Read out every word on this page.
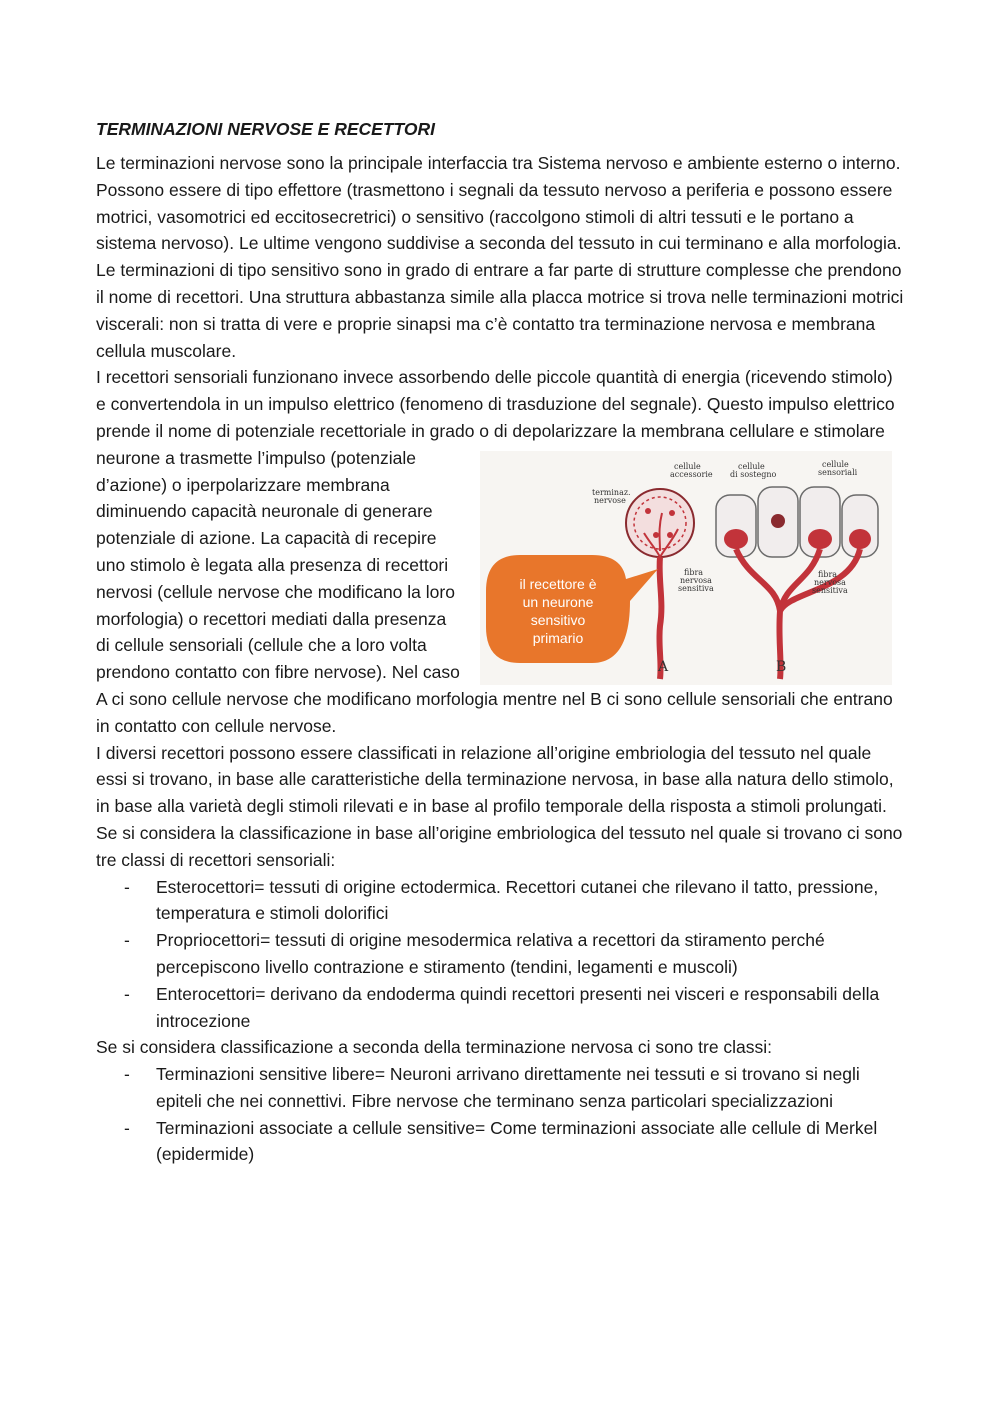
TERMINAZIONI NERVOSE E RECETTORI

Le terminazioni nervose sono la principale interfaccia tra Sistema nervoso e ambiente esterno o interno. Possono essere di tipo effettore (trasmettono i segnali da tessuto nervoso a periferia e possono essere motrici, vasomotrici ed eccitosecretrici) o sensitivo (raccolgono stimoli di altri tessuti e le portano a sistema nervoso). Le ultime vengono suddivise a seconda del tessuto in cui terminano e alla morfologia. Le terminazioni di tipo sensitivo sono in grado di entrare a far parte di strutture complesse che prendono il nome di recettori. Una struttura abbastanza simile alla placca motrice si trova nelle terminazioni motrici viscerali: non si tratta di vere e proprie sinapsi ma c’è contatto tra terminazione nervosa e membrana cellula muscolare.

I recettori sensoriali funzionano invece assorbendo delle piccole quantità di energia (ricevendo stimolo) e convertendola in un impulso elettrico (fenomeno di trasduzione del segnale). Questo impulso elettrico prende il nome di potenziale recettoriale in grado o di depolarizzare la membrana cellulare e stimolare neurone a trasmette l’impulso (potenziale
terminaz.
nervose
cellule
accessorie
cellule
di sostegno
cellule
sensoriali
fibra
nervosa
sensitiva
fibra
nervosa
sensitiva
il recettore è
un neurone
sensitivo
primario
A	B
d’azione) o iperpolarizzare membrana diminuendo capacità neuronale di generare potenziale di azione. La capacità di recepire uno stimolo è legata alla presenza di recettori nervosi (cellule nervose che modificano la loro morfologia) o recettori mediati dalla presenza di cellule sensoriali (cellule che a loro volta prendono contatto con fibre nervose). Nel caso A ci sono cellule nervose che modificano morfologia mentre nel B ci sono cellule sensoriali che entrano in contatto con cellule nervose.

I diversi recettori possono essere classificati in relazione all’origine embriologia del tessuto nel quale essi si trovano, in base alle caratteristiche della terminazione nervosa, in base alla natura dello stimolo, in base alla varietà degli stimoli rilevati e in base al profilo temporale della risposta a stimoli prolungati.

Se si considera la classificazione in base all’origine embriologica del tessuto nel quale si trovano ci sono tre classi di recettori sensoriali:

- Esterocettori= tessuti di origine ectodermica. Recettori cutanei che rilevano il tatto, pressione, temperatura e stimoli dolorifici
- Propriocettori= tessuti di origine mesodermica relativa a recettori da stiramento perché percepiscono livello contrazione e stiramento (tendini, legamenti e muscoli)
- Enterocettori= derivano da endoderma quindi recettori presenti nei visceri e responsabili della introcezione

Se si considera classificazione a seconda della terminazione nervosa ci sono tre classi:

- Terminazioni sensitive libere= Neuroni arrivano direttamente nei tessuti e si trovano si negli epiteli che nei connettivi. Fibre nervose che terminano senza particolari specializzazioni
- Terminazioni associate a cellule sensitive= Come terminazioni associate alle cellule di Merkel (epidermide)
